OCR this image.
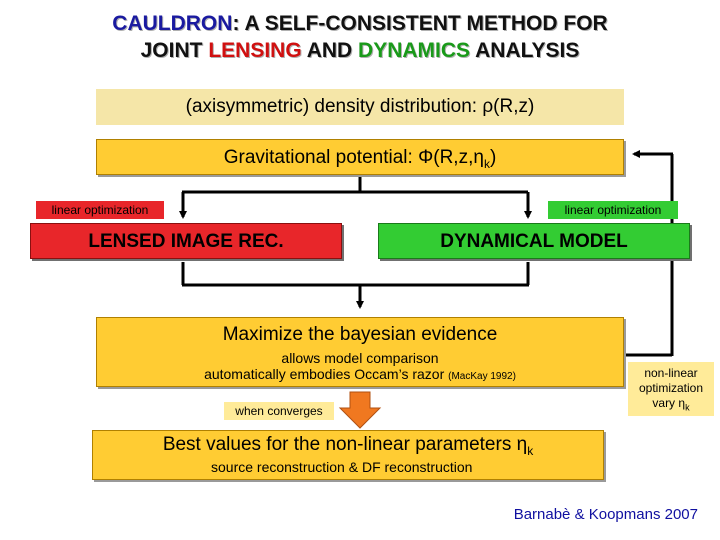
CAULDRON: A SELF-CONSISTENT METHOD FOR
JOINT LENSING AND DYNAMICS ANALYSIS
(axisymmetric) density distribution: ρ(R,z)
Gravitational potential: $\Phi(R,z,\eta_k)$
linear optimization	linear optimization
LENSED IMAGE REC.	DYNAMICAL MODEL
Maximize the bayesian evidence
allows model comparison
automatically embodies Occam’s razor (MacKay 1992)
when converges
non-linear
optimization
vary $\eta_k$
Best values for the non-linear parameters $\eta_k$
source reconstruction & DF reconstruction
Barnabè & Koopmans 2007
